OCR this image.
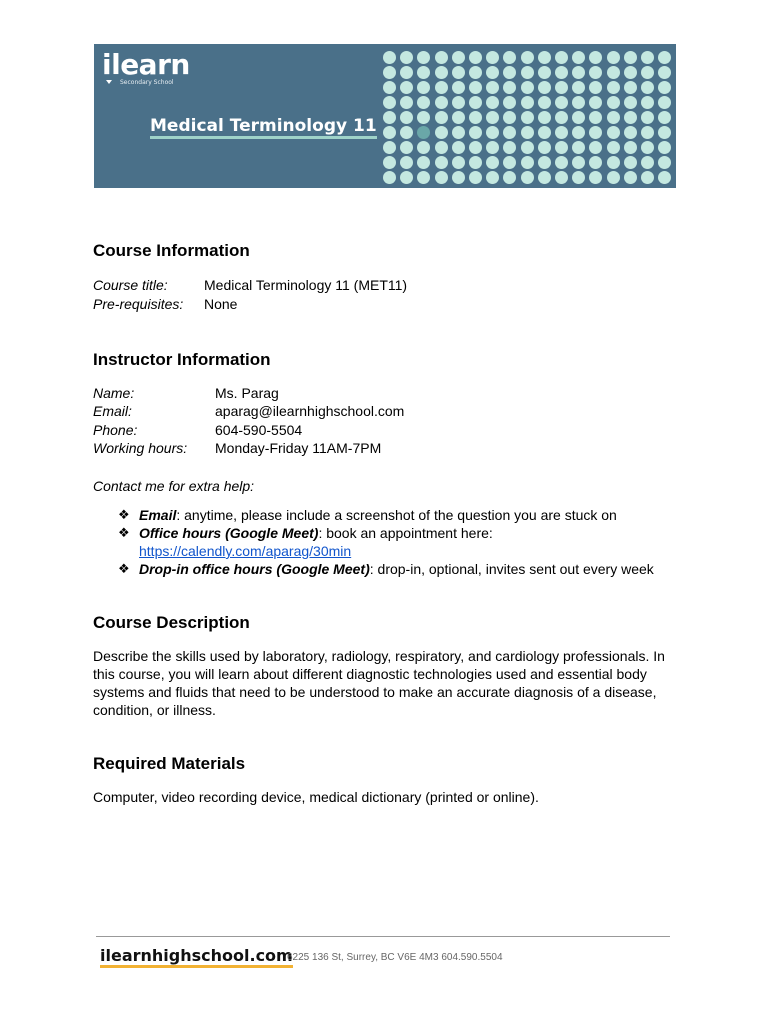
ilearn
Secondary School
Medical Terminology 11
Course Information
Course title:	Medical Terminology 11 (MET11)
Pre-requisites: None
Instructor Information
Name:	Ms. Parag
Email:	aparag@ilearnhighschool.com
Phone:	604-590-5504
Working hours: Monday-Friday 11AM-7PM
Contact me for extra help:
❖ Email: anytime, please include a screenshot of the question you are stuck on
❖ Office hours (Google Meet): book an appointment here:
https://calendly.com/aparag/30min
❖ Drop-in office hours (Google Meet): drop-in, optional, invites sent out every week
Course Description

Describe the skills used by laboratory, radiology, respiratory, and cardiology professionals. In this course, you will learn about different diagnostic technologies used and essential body systems and fluids that need to be understood to make an accurate diagnosis of a disease, condition, or illness.

Required Materials

Computer, video recording device, medical dictionary (printed or online).

ilearnhighschool.com
6225 136 St, Surrey, BC V6E 4M3 604.590.5504
